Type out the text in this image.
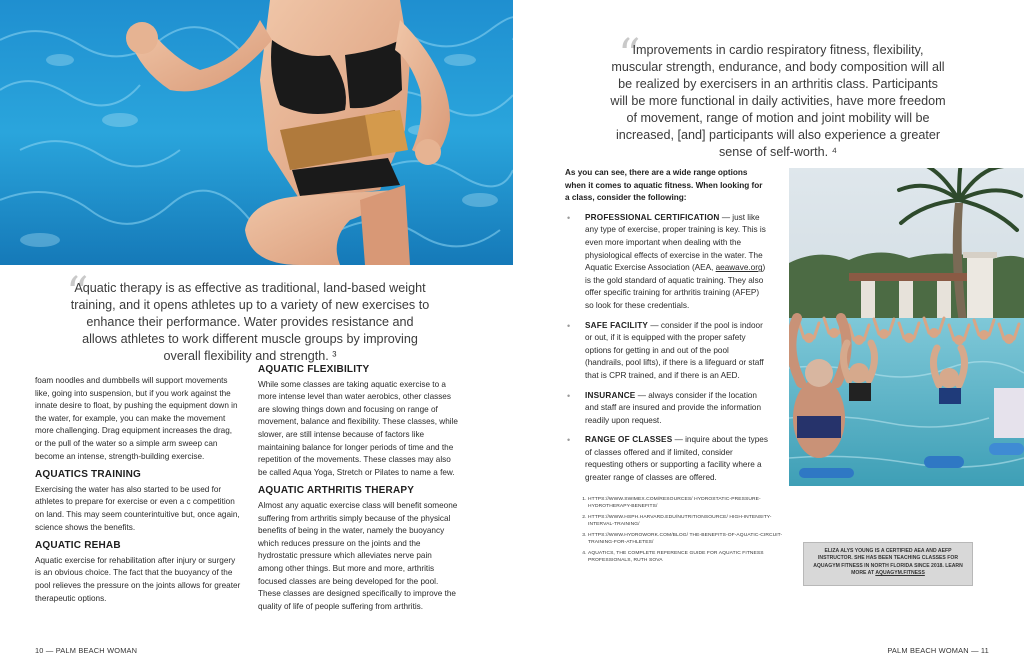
“

Aquatic therapy is as effective as traditional, land-based weight training, and it opens athletes up to a variety of new exercises to enhance their performance. Water provides resistance and allows athletes to work different muscle groups by improving overall flexibility and strength. ³

foam noodles and dumbbells will support movements like, going into suspension, but if you work against the innate desire to float, by pushing the equipment down in the water, for example, you can make the movement more challenging. Drag equipment increases the drag, or the pull of the water so a simple arm sweep can become an intense, strength-building exercise.

AQUATICS TRAINING

Exercising the water has also started to be used for athletes to prepare for exercise or even a c competition on land. This may seem counterintuitive but, once again, science shows the benefits.

AQUATIC REHAB

Aquatic exercise for rehabilitation after injury or surgery is an obvious choice. The fact that the buoyancy of the pool relieves the pressure on the joints allows for greater therapeutic options.

AQUATIC FLEXIBILITY

While some classes are taking aquatic exercise to a more intense level than water aerobics, other classes are slowing things down and focusing on range of movement, balance and flexibility. These classes, while slower, are still intense because of factors like maintaining balance for longer periods of time and the repetition of the movements. These classes may also be called Aqua Yoga, Stretch or Pilates to name a few.

AQUATIC ARTHRITIS THERAPY

Almost any aquatic exercise class will benefit someone suffering from arthritis simply because of the physical benefits of being in the water, namely the buoyancy which reduces pressure on the joints and the hydrostatic pressure which alleviates nerve pain among other things. But more and more, arthritis focused classes are being developed for the pool. These classes are designed specifically to improve the quality of life of people suffering from arthritis.

10 — PALM BEACH WOMAN
“

Improvements in cardio respiratory fitness, flexibility, muscular strength, endurance, and body composition will all be realized by exercisers in an arthritis class. Participants will be more functional in daily activities, have more freedom of movement, range of motion and joint mobility will be increased, [and] participants will also experience a greater sense of self-worth. ⁴

As you can see, there are a wide range options when it comes to aquatic fitness. When looking for a class, consider the following:

• PROFESSIONAL CERTIFICATION — just like any type of exercise, proper training is key. This is even more important when dealing with the physiological effects of exercise in the water. The Aquatic Exercise Association (AEA, aeawave.org) is the gold standard of aquatic training. They also offer specific training for arthritis training (AFEP) so look for these credentials.
• SAFE FACILITY — consider if the pool is indoor or out, if it is equipped with the proper safety options for getting in and out of the pool (handrails, pool lifts), if there is a lifeguard or staff that is CPR trained, and if there is an AED.
• INSURANCE — always consider if the location and staff are insured and provide the information readily upon request.
• RANGE OF CLASSES — inquire about the types of classes offered and if limited, consider requesting others or supporting a facility where a greater range of classes are offered.
1. HTTPS://WWW.SWIMEX.COM/RESOURCES/ HYDROSTATIC-PRESSURE-HYDROTHERAPY-BENEFITS/
2. HTTPS://WWW.HSPH.HARVARD.EDU/NUTRITIONSOURCE/ HIGH-INTENSITY-INTERVAL-TRAINING/
3. HTTPS://WWW.HYDROWORK.COM/BLOG/ THE-BENEFITS-OF-AQUATIC-CIRCUIT-TRAINING-FOR-ATHLETES/
4. AQUATICS, THE COMPLETE REFERENCE GUIDE FOR AQUATIC FITNESS PROFESSIONALS, RUTH SOVA
ELIZA ALYS YOUNG IS A CERTIFIED AEA AND AEFP INSTRUCTOR. SHE HAS BEEN TEACHING CLASSES FOR AQUAGYM FITNESS IN NORTH FLORIDA SINCE 2018. LEARN MORE AT AQUAGYM.FITNESS
PALM BEACH WOMAN — 11
